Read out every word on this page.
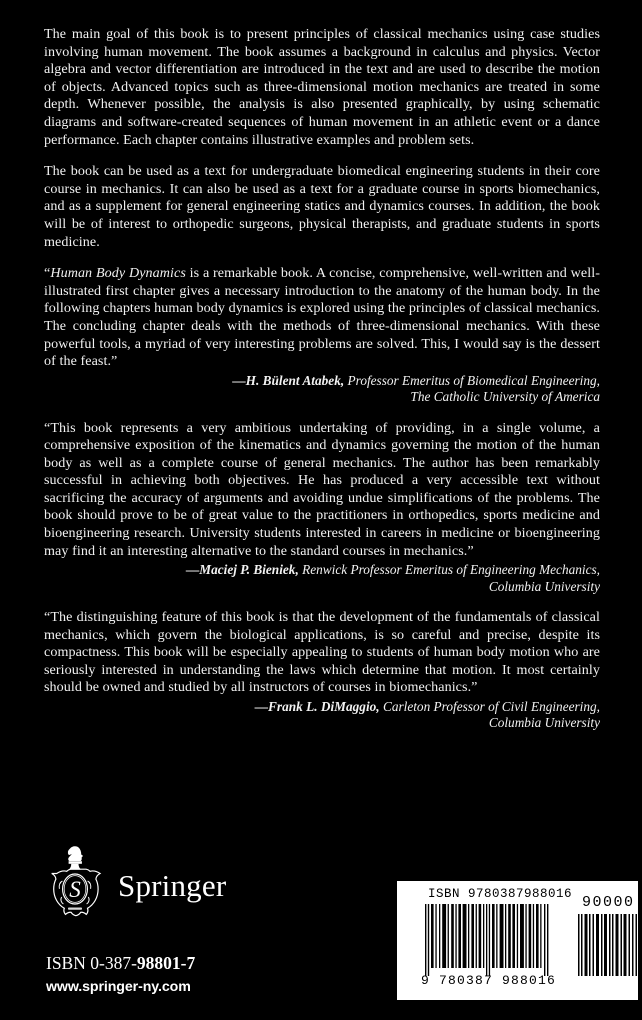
The main goal of this book is to present principles of classical mechanics using case studies involving human movement. The book assumes a background in calculus and physics. Vector algebra and vector differentiation are introduced in the text and are used to describe the motion of objects. Advanced topics such as three-dimensional motion mechanics are treated in some depth. Whenever possible, the analysis is also presented graphically, by using schematic diagrams and software-created sequences of human movement in an athletic event or a dance performance. Each chapter contains illustrative examples and problem sets.

The book can be used as a text for undergraduate biomedical engineering students in their core course in mechanics. It can also be used as a text for a graduate course in sports biomechanics, and as a supplement for general engineering statics and dynamics courses. In addition, the book will be of interest to orthopedic surgeons, physical therapists, and graduate students in sports medicine.

“Human Body Dynamics is a remarkable book. A concise, comprehensive, well-written and well-illustrated first chapter gives a necessary introduction to the anatomy of the human body. In the following chapters human body dynamics is explored using the principles of classical mechanics. The concluding chapter deals with the methods of three-dimensional mechanics. With these powerful tools, a myriad of very interesting problems are solved. This, I would say is the dessert of the feast.”

—H. Bülent Atabek, Professor Emeritus of Biomedical Engineering,
The Catholic University of America

“This book represents a very ambitious undertaking of providing, in a single volume, a comprehensive exposition of the kinematics and dynamics governing the motion of the human body as well as a complete course of general mechanics. The author has been remarkably successful in achieving both objectives. He has produced a very accessible text without sacrificing the accuracy of arguments and avoiding undue simplifications of the problems. The book should prove to be of great value to the practitioners in orthopedics, sports medicine and bioengineering research. University students interested in careers in medicine or bioengineering may find it an interesting alternative to the standard courses in mechanics.”

—Maciej P. Bieniek, Renwick Professor Emeritus of Engineering Mechanics,
Columbia University

“The distinguishing feature of this book is that the development of the fundamentals of classical mechanics, which govern the biological applications, is so careful and precise, despite its compactness. This book will be especially appealing to students of human body motion who are seriously interested in understanding the laws which determine that motion. It most certainly should be owned and studied by all instructors of courses in biomechanics.”

—Frank L. DiMaggio, Carleton Professor of Civil Engineering,
Columbia University
S Springer
ISBN 0-387-98801-7
www.springer-ny.com
ISBN 9780387988016
9 780387 988016
90000
